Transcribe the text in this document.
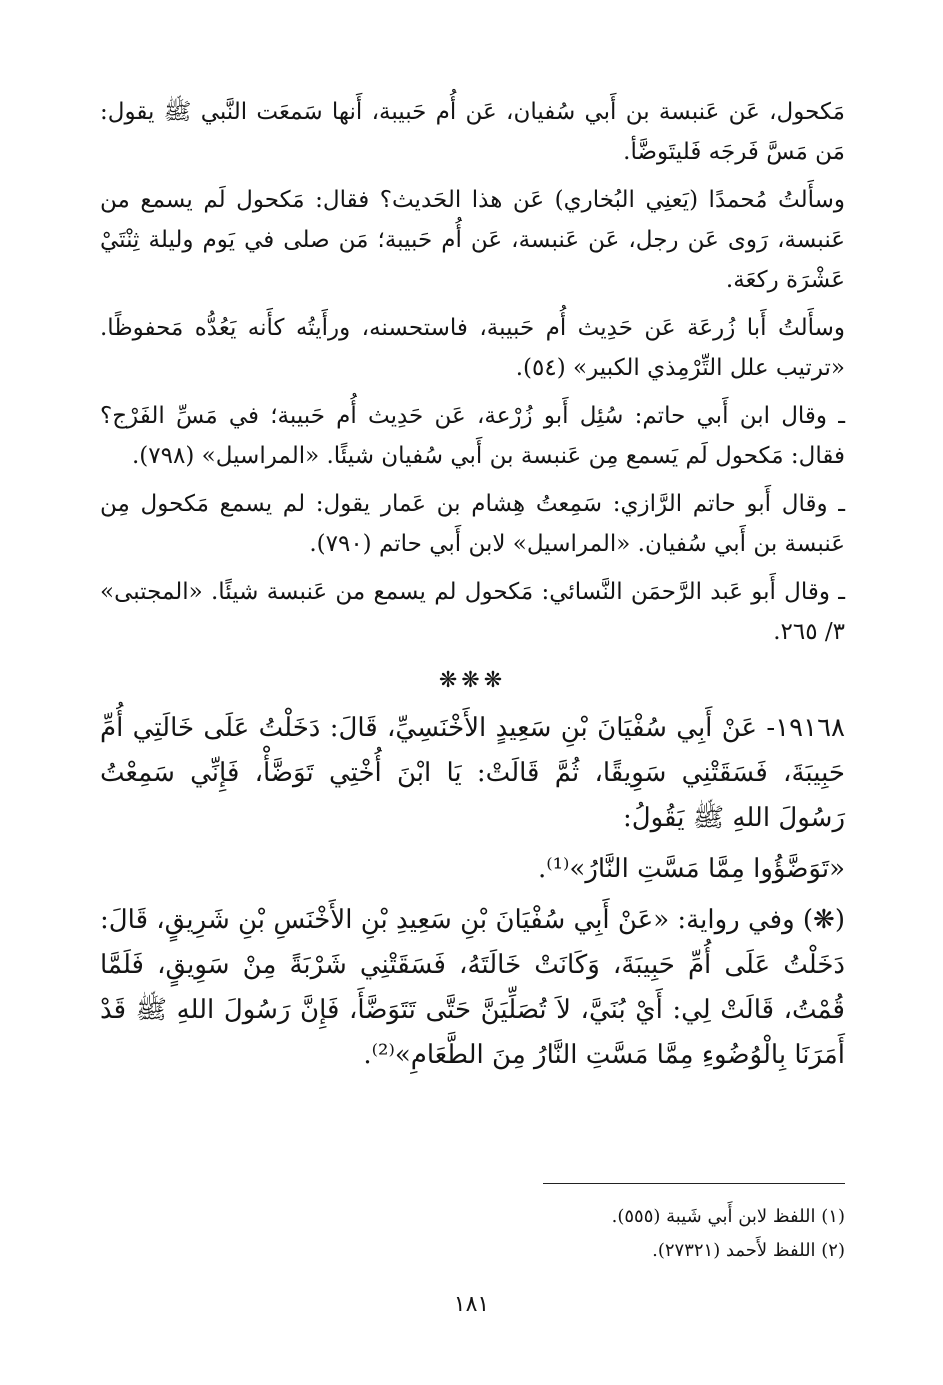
مَكحول، عَن عَنبسة بن أَبي سُفيان، عَن أُم حَبيبة، أَنها سَمعَت النَّبي ﷺ يقول: مَن مَسَّ فَرجَه فَليتَوضَّأ.

وسأَلتُ مُحمدًا (يَعنِي البُخاري) عَن هذا الحَديث؟ فقال: مَكحول لَم يسمع من عَنبسة، رَوى عَن رجل، عَن عَنبسة، عَن أُم حَبيبة؛ مَن صلى في يَوم وليلة ثِنْتَيْ عَشْرَة ركعَة.

وسأَلتُ أَبا زُرعَة عَن حَدِيث أُم حَبيبة، فاستحسنه، ورأَيتُه كأَنه يَعُدُّه مَحفوظًا. «ترتيب علل التِّرْمِذي الكبير» (٥٤).

ـ وقال ابن أَبي حاتم: سُئِل أَبو زُرْعة، عَن حَدِيث أُم حَبيبة؛ في مَسِّ الفَرْج؟ فقال: مَكحول لَم يَسمع مِن عَنبسة بن أَبي سُفيان شيئًا. «المراسيل» (٧٩٨).

ـ وقال أَبو حاتم الرَّازي: سَمِعتُ هِشام بن عَمار يقول: لم يسمع مَكحول مِن عَنبسة بن أَبي سُفيان. «المراسيل» لابن أَبي حاتم (٧٩٠).

ـ وقال أَبو عَبد الرَّحمَن النَّسائي: مَكحول لم يسمع من عَنبسة شيئًا. «المجتبى» ٣/ ٢٦٥.

❋❋❋

١٩١٦٨- عَنْ أَبِي سُفْيَانَ بْنِ سَعِيدٍ الأَخْنَسِيِّ، قَالَ: دَخَلْتُ عَلَى خَالَتِي أُمِّ حَبِيبَةَ، فَسَقَتْنِي سَوِيقًا، ثُمَّ قَالَتْ: يَا ابْنَ أُخْتِي تَوَضَّأْ، فَإِنِّي سَمِعْتُ رَسُولَ اللهِ ﷺ يَقُولُ:

«تَوَضَّؤُوا مِمَّا مَسَّتِ النَّارُ»⁽¹⁾.

(❋) وفي رواية: «عَنْ أَبِي سُفْيَانَ بْنِ سَعِيدِ بْنِ الأَخْنَسِ بْنِ شَرِيقٍ، قَالَ: دَخَلْتُ عَلَى أُمِّ حَبِيبَةَ، وَكَانَتْ خَالَتَهُ، فَسَقَتْنِي شَرْبَةً مِنْ سَوِيقٍ، فَلَمَّا قُمْتُ، قَالَتْ لِي: أَيْ بُنَيَّ، لاَ تُصَلِّيَنَّ حَتَّى تَتَوَضَّأَ، فَإِنَّ رَسُولَ اللهِ ﷺ قَدْ أَمَرَنَا بِالْوُضُوءِ مِمَّا مَسَّتِ النَّارُ مِنَ الطَّعَامِ»⁽²⁾.

(١) اللفظ لابن أَبي شَيبة (٥٥٥).
(٢) اللفظ لأَحمد (٢٧٣٢١).
١٨١
